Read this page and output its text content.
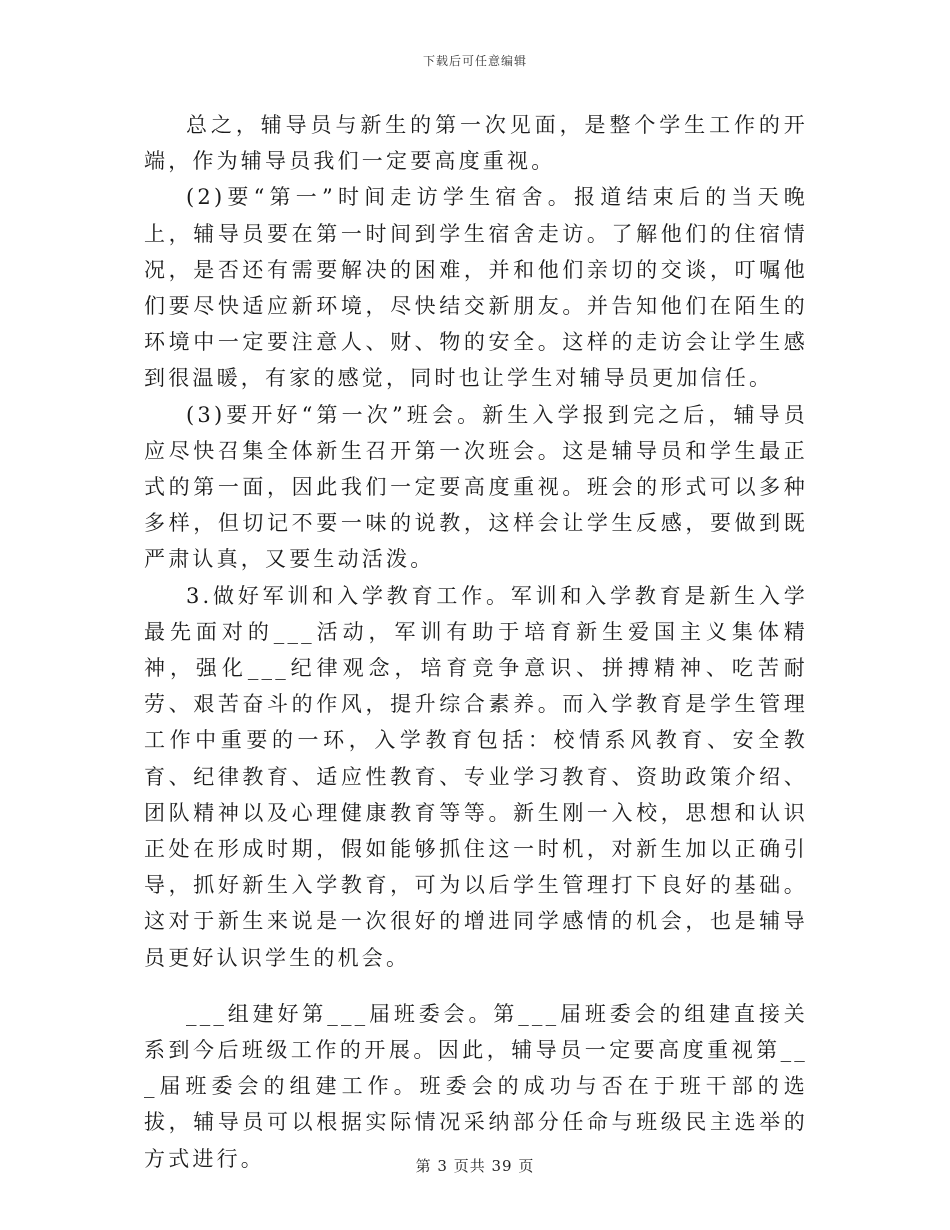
下载后可任意编辑

总之，辅导员与新生的第一次见面，是整个学生工作的开端，作为辅导员我们一定要高度重视。

(2)要“第一”时间走访学生宿舍。报道结束后的当天晚上，辅导员要在第一时间到学生宿舍走访。了解他们的住宿情况，是否还有需要解决的困难，并和他们亲切的交谈，叮嘱他们要尽快适应新环境，尽快结交新朋友。并告知他们在陌生的环境中一定要注意人、财、物的安全。这样的走访会让学生感到很温暖，有家的感觉，同时也让学生对辅导员更加信任。

(3)要开好“第一次”班会。新生入学报到完之后，辅导员应尽快召集全体新生召开第一次班会。这是辅导员和学生最正式的第一面，因此我们一定要高度重视。班会的形式可以多种多样，但切记不要一味的说教，这样会让学生反感，要做到既严肃认真，又要生动活泼。

3.做好军训和入学教育工作。军训和入学教育是新生入学最先面对的___活动，军训有助于培育新生爱国主义集体精神，强化___纪律观念，培育竞争意识、拼搏精神、吃苦耐劳、艰苦奋斗的作风，提升综合素养。而入学教育是学生管理工作中重要的一环，入学教育包括：校情系风教育、安全教育、纪律教育、适应性教育、专业学习教育、资助政策介绍、团队精神以及心理健康教育等等。新生刚一入校，思想和认识正处在形成时期，假如能够抓住这一时机，对新生加以正确引导，抓好新生入学教育，可为以后学生管理打下良好的基础。这对于新生来说是一次很好的增进同学感情的机会，也是辅导员更好认识学生的机会。

___组建好第___届班委会。第___届班委会的组建直接关系到今后班级工作的开展。因此，辅导员一定要高度重视第___届班委会的组建工作。班委会的成功与否在于班干部的选拔，辅导员可以根据实际情况采纳部分任命与班级民主选举的方式进行。	第 3 页共 39 页
